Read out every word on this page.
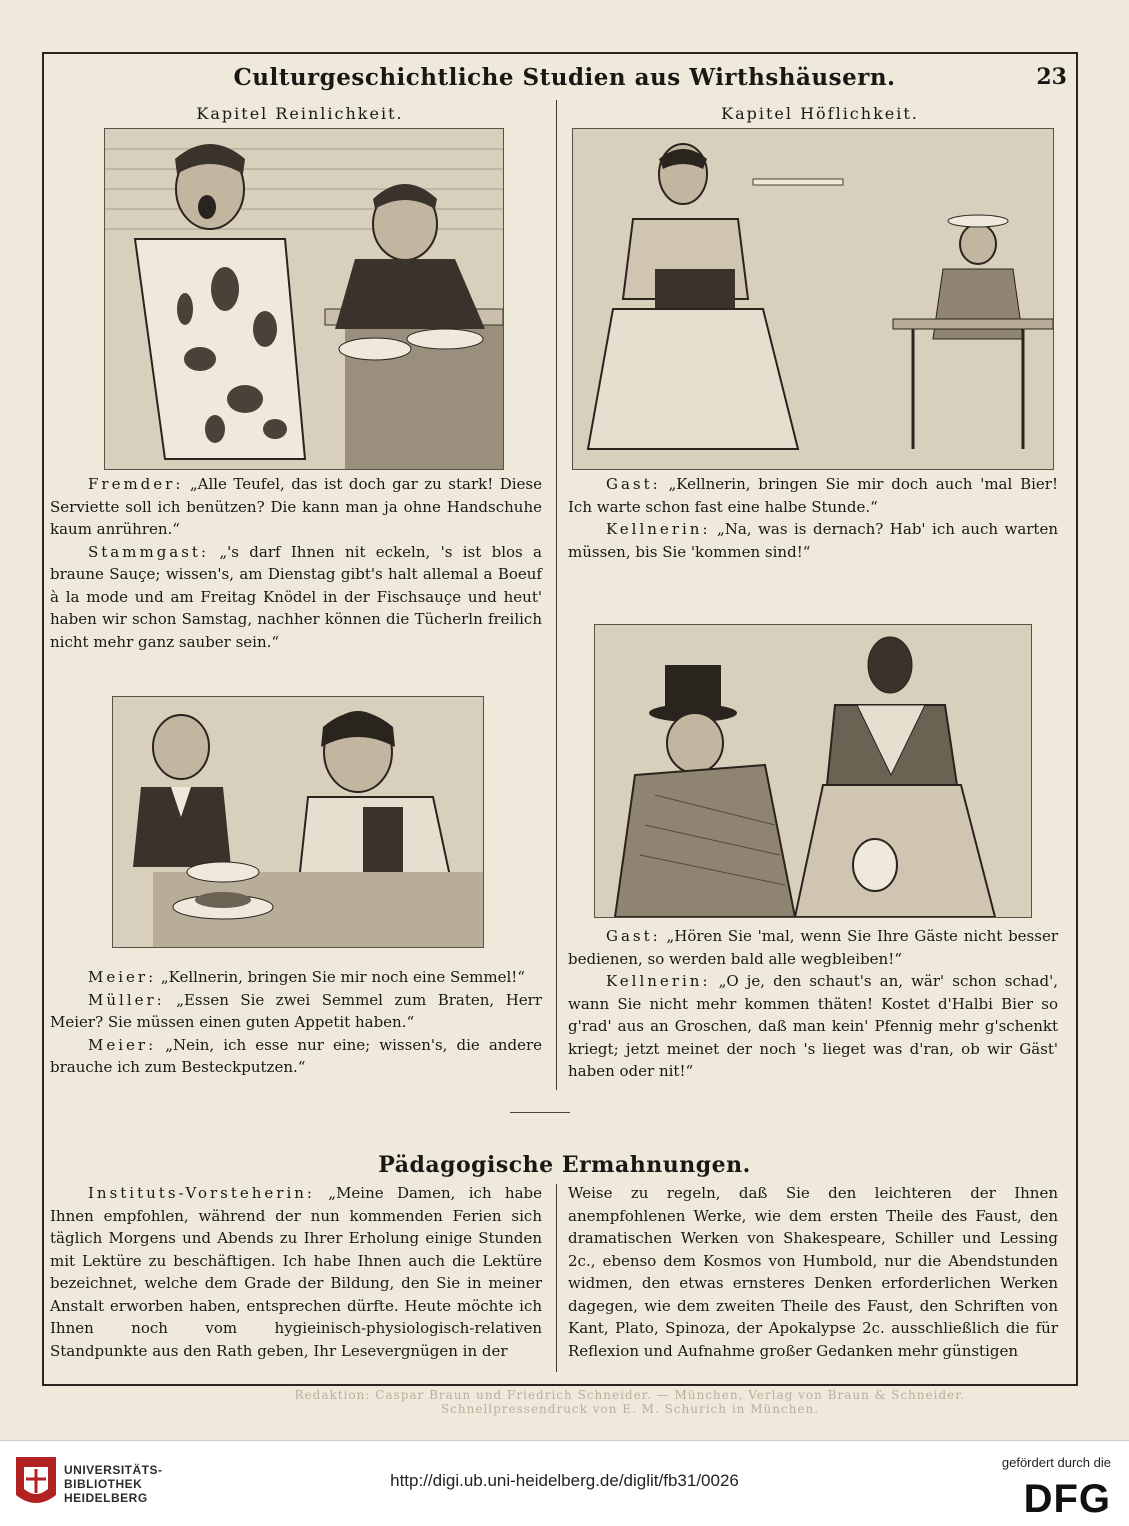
Culturgeschichtliche Studien aus Wirthshäusern.	23
Kapitel Reinlichkeit.

Fremder: „Alle Teufel, das ist doch gar zu stark! Diese Serviette soll ich benützen? Die kann man ja ohne Handschuhe kaum anrühren.“

Stammgast: „'s darf Ihnen nit eckeln, 's ist blos a braune Sauçe; wissen's, am Dienstag gibt's halt allemal a Boeuf à la mode und am Freitag Knödel in der Fischsauçe und heut' haben wir schon Samstag, nachher können die Tücherln freilich nicht mehr ganz sauber sein.“

Kapitel Höflichkeit.

Gast: „Kellnerin, bringen Sie mir doch auch 'mal Bier! Ich warte schon fast eine halbe Stunde.“

Kellnerin: „Na, was is dernach? Hab' ich auch warten müssen, bis Sie 'kommen sind!“

Meier: „Kellnerin, bringen Sie mir noch eine Semmel!“

Müller: „Essen Sie zwei Semmel zum Braten, Herr Meier? Sie müssen einen guten Appetit haben.“

Meier: „Nein, ich esse nur eine; wissen's, die andere brauche ich zum Besteckputzen.“

Gast: „Hören Sie 'mal, wenn Sie Ihre Gäste nicht besser bedienen, so werden bald alle wegbleiben!“

Kellnerin: „O je, den schaut's an, wär' schon schad', wann Sie nicht mehr kommen thäten! Kostet d'Halbi Bier so g'rad' aus an Groschen, daß man kein' Pfennig mehr g'schenkt kriegt; jetzt meinet der noch 's lieget was d'ran, ob wir Gäst' haben oder nit!“

Pädagogische Ermahnungen.

Instituts-Vorsteherin: „Meine Damen, ich habe Ihnen empfohlen, während der nun kommenden Ferien sich täglich Morgens und Abends zu Ihrer Erholung einige Stunden mit Lektüre zu beschäftigen. Ich habe Ihnen auch die Lektüre bezeichnet, welche dem Grade der Bildung, den Sie in meiner Anstalt erworben haben, entsprechen dürfte. Heute möchte ich Ihnen noch vom hygieinisch-physiologisch-relativen Standpunkte aus den Rath geben, Ihr Lesevergnügen in der

Weise zu regeln, daß Sie den leichteren der Ihnen anempfohlenen Werke, wie dem ersten Theile des Faust, den dramatischen Werken von Shakespeare, Schiller und Lessing 2c., ebenso dem Kosmos von Humbold, nur die Abendstunden widmen, den etwas ernsteres Denken erforderlichen Werken dagegen, wie dem zweiten Theile des Faust, den Schriften von Kant, Plato, Spinoza, der Apokalypse 2c. ausschließlich die für Reflexion und Aufnahme großer Gedanken mehr günstigen

Redaktion: Caspar Braun und Friedrich Schneider. — München, Verlag von Braun & Schneider.
Schnellpressendruck von E. M. Schurich in München.
UNIVERSITÄTS-
BIBLIOTHEK
HEIDELBERG
http://digi.ub.uni-heidelberg.de/diglit/fb31/0026
gefördert durch die
DFG
